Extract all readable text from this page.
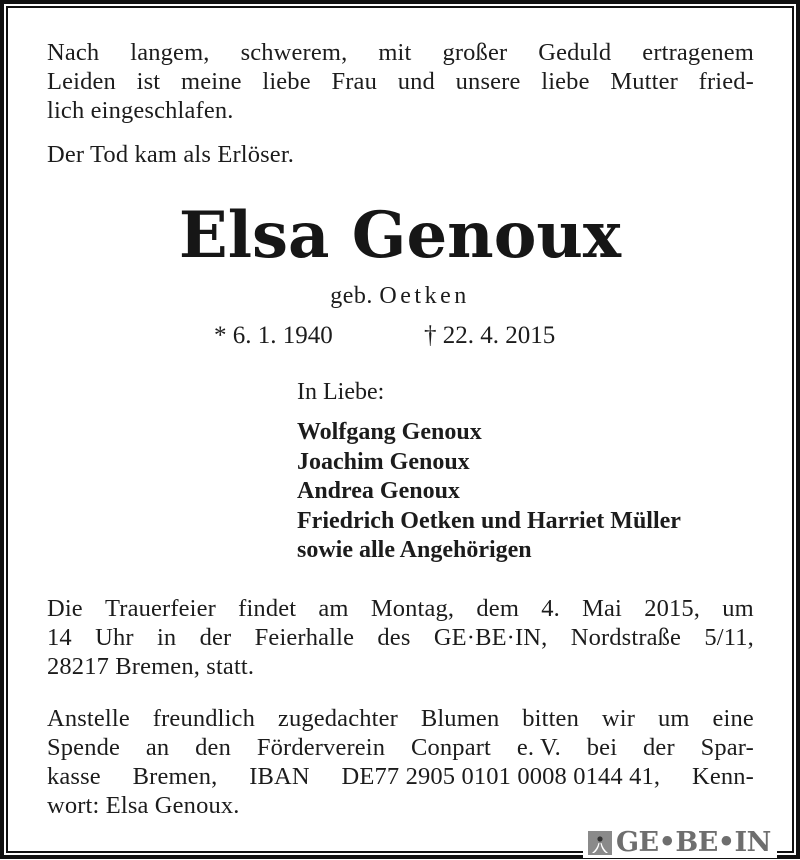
Nach langem, schwerem, mit großer Geduld ertragenem
Leiden ist meine liebe Frau und unsere liebe Mutter fried-
lich eingeschlafen.
Der Tod kam als Erlöser.
Elsa Genoux
geb. Oetken
* 6. 1. 1940	† 22. 4. 2015
In Liebe:
Wolfgang Genoux
Joachim Genoux
Andrea Genoux
Friedrich Oetken und Harriet Müller
sowie alle Angehörigen
Die Trauerfeier findet am Montag, dem 4. Mai 2015, um
14 Uhr in der Feierhalle des GE·BE·IN, Nordstraße 5/11,
28217 Bremen, statt.
Anstelle freundlich zugedachter Blumen bitten wir um eine
Spende an den Förderverein Conpart e. V. bei der Spar-
kasse Bremen, IBAN DE77 2905 0101 0008 0144 41, Kenn-
wort: Elsa Genoux.
GE•BE•IN
